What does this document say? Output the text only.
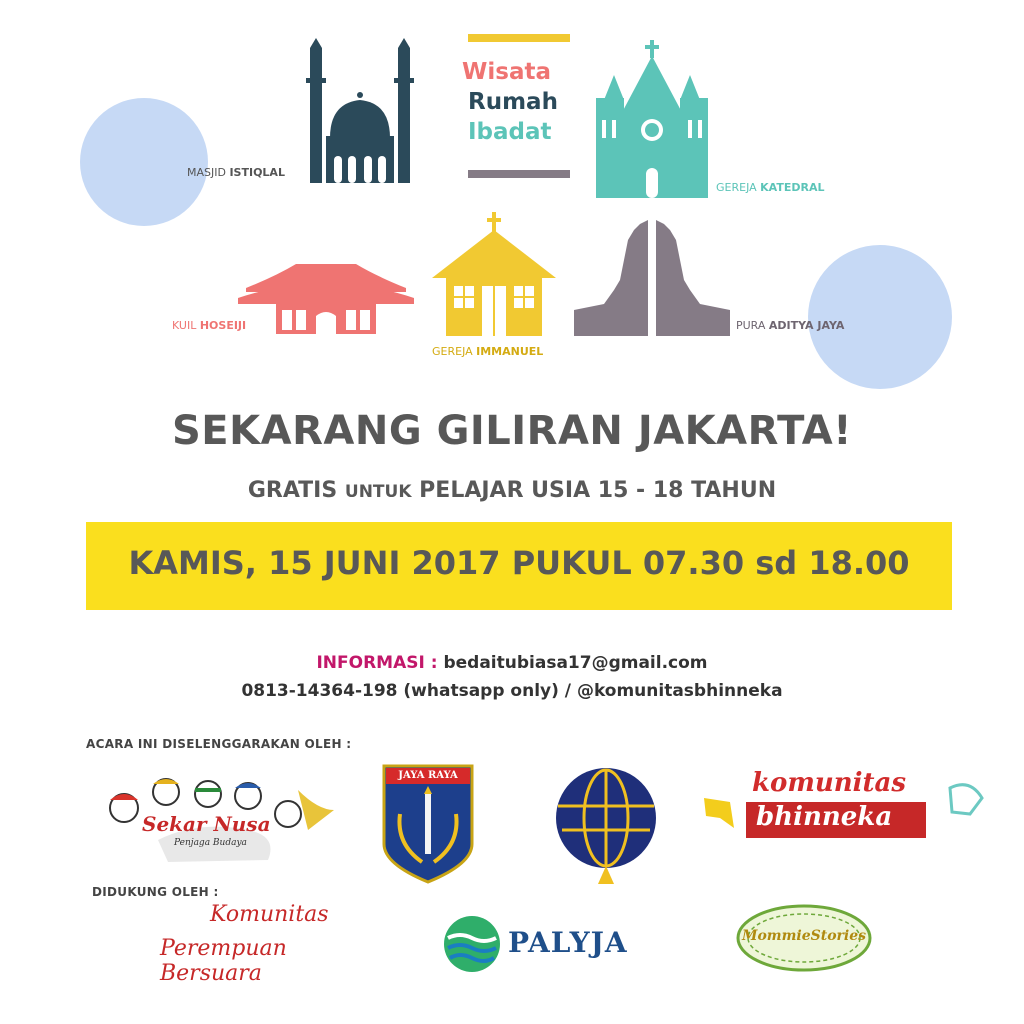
MASJID ISTIQLAL
Wisata
Rumah
Ibadat
GEREJA KATEDRAL
KUIL HOSEIJI
GEREJA IMMANUEL
PURA ADITYA JAYA
SEKARANG GILIRAN JAKARTA!
GRATIS UNTUK PELAJAR USIA 15 - 18 TAHUN
KAMIS, 15 JUNI 2017 PUKUL 07.30 sd 18.00
INFORMASI : bedaitubiasa17@gmail.com
0813-14364-198 (whatsapp only) / @komunitasbhinneka
ACARA INI DISELENGGARAKAN OLEH :
Sekar Nusa
Penjaga Budaya
JAYA RAYA	komunitas
bhinneka
DIDUKUNG OLEH :
Komunitas
Perempuan Bersuara
PALYJA	MommieStories
